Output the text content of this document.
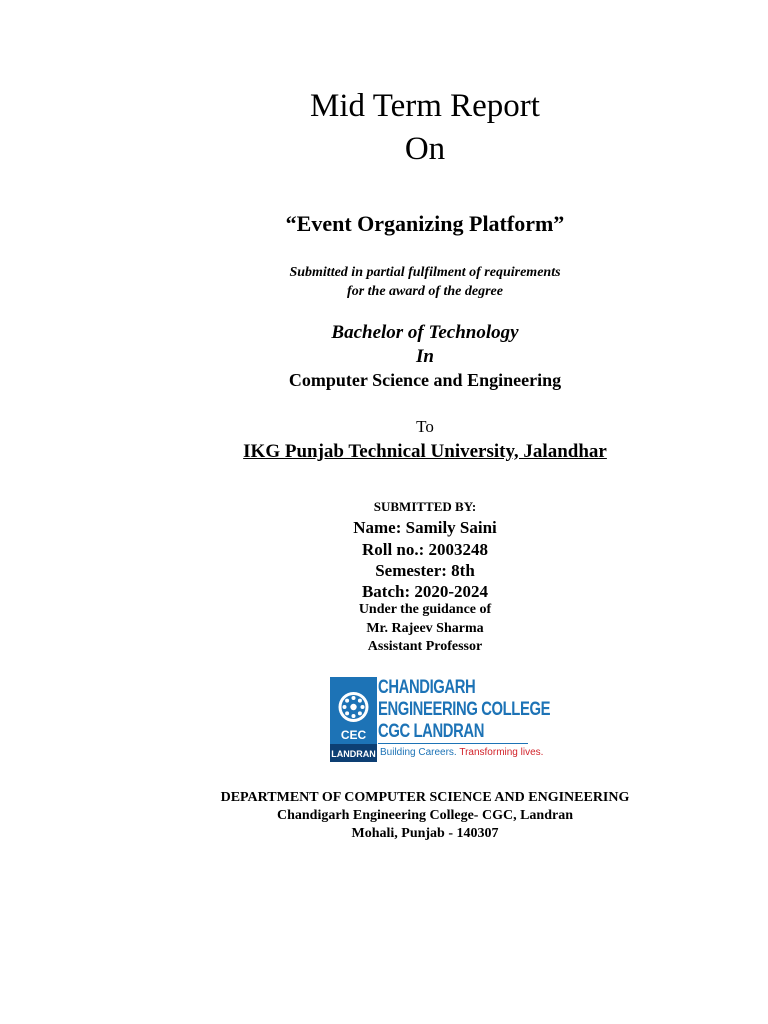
Mid Term Report
On
“Event Organizing Platform”
Submitted in partial fulfilment of requirements
for the award of the degree
Bachelor of Technology
In
Computer Science and Engineering
To
IKG Punjab Technical University, Jalandhar
SUBMITTED BY:
Name: Samily Saini
Roll no.: 2003248
Semester: 8th
Batch: 2020-2024
Under the guidance of
Mr. Rajeev Sharma
Assistant Professor
CEC
LANDRAN
CHANDIGARH
ENGINEERING COLLEGE
CGC LANDRAN
Building Careers. Transforming lives.
DEPARTMENT OF COMPUTER SCIENCE AND ENGINEERING
Chandigarh Engineering College- CGC, Landran
Mohali, Punjab - 140307
